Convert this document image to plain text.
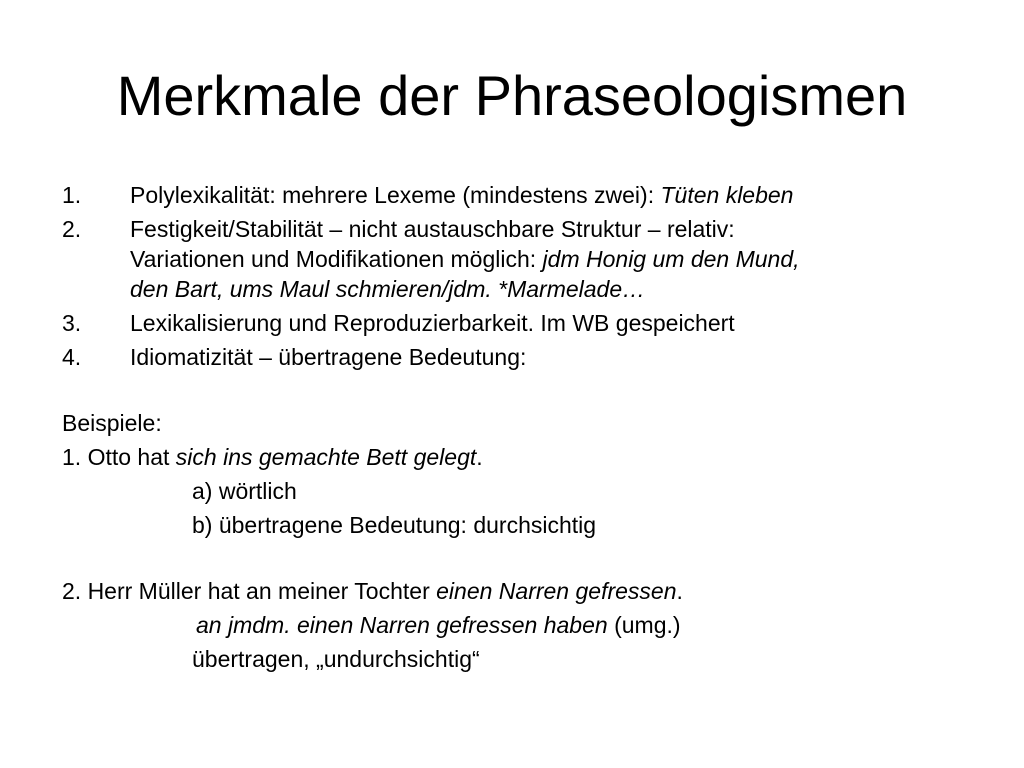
Merkmale der Phraseologismen
1. Polylexikalität: mehrere Lexeme (mindestens zwei): Tüten kleben
2. Festigkeit/Stabilität – nicht austauschbare Struktur – relativ:
Variationen und Modifikationen möglich: jdm Honig um den Mund,
den Bart, ums Maul schmieren/jdm. *Marmelade…
3. Lexikalisierung und Reproduzierbarkeit. Im WB gespeichert
4. Idiomatizität – übertragene Bedeutung:

Beispiele:

1. Otto hat sich ins gemachte Bett gelegt.

a) wörtlich

b) übertragene Bedeutung: durchsichtig

2. Herr Müller hat an meiner Tochter einen Narren gefressen.

an jmdm. einen Narren gefressen haben (umg.)

übertragen, „undurchsichtig“
